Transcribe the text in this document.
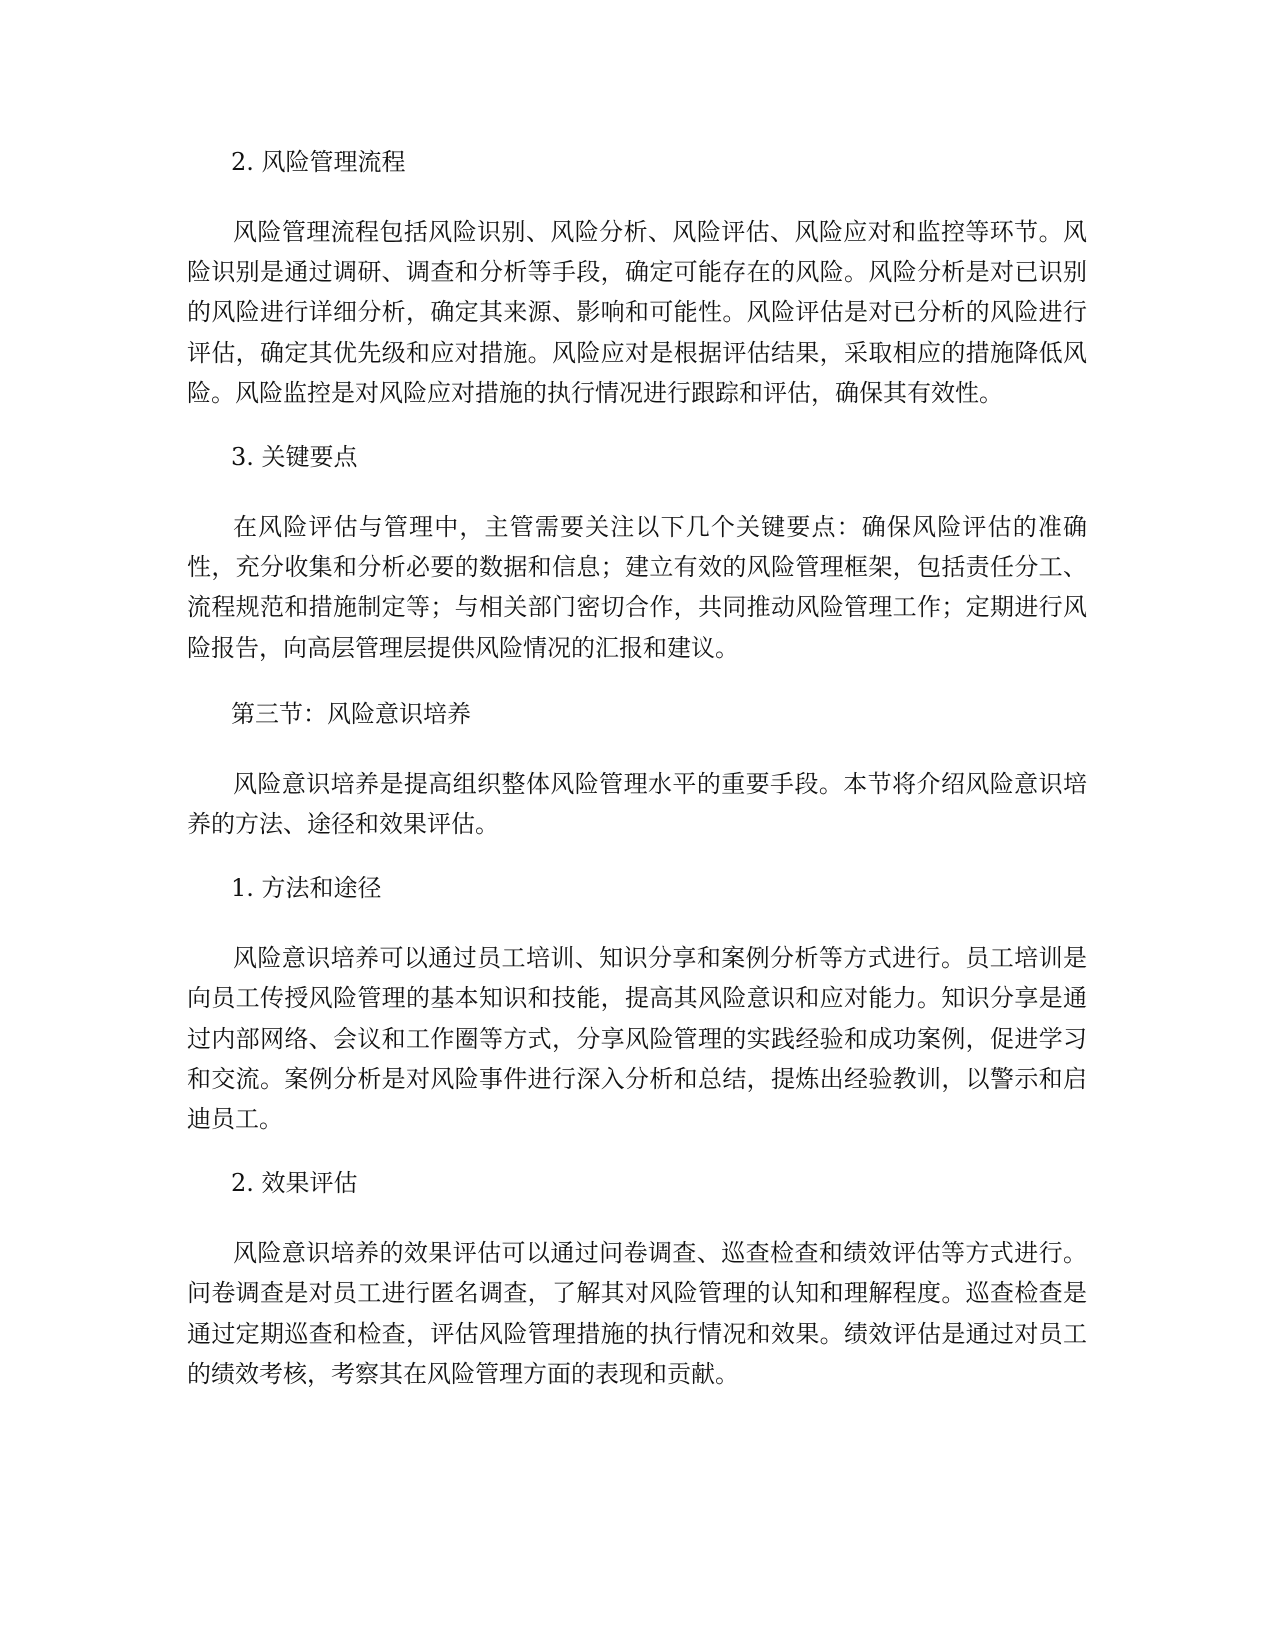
2. 风险管理流程

风险管理流程包括风险识别、风险分析、风险评估、风险应对和监控等环节。风险识别是通过调研、调查和分析等手段，确定可能存在的风险。风险分析是对已识别的风险进行详细分析，确定其来源、影响和可能性。风险评估是对已分析的风险进行评估，确定其优先级和应对措施。风险应对是根据评估结果，采取相应的措施降低风险。风险监控是对风险应对措施的执行情况进行跟踪和评估，确保其有效性。

3. 关键要点

在风险评估与管理中，主管需要关注以下几个关键要点：确保风险评估的准确性，充分收集和分析必要的数据和信息；建立有效的风险管理框架，包括责任分工、流程规范和措施制定等；与相关部门密切合作，共同推动风险管理工作；定期进行风险报告，向高层管理层提供风险情况的汇报和建议。

第三节：风险意识培养

风险意识培养是提高组织整体风险管理水平的重要手段。本节将介绍风险意识培养的方法、途径和效果评估。

1. 方法和途径

风险意识培养可以通过员工培训、知识分享和案例分析等方式进行。员工培训是向员工传授风险管理的基本知识和技能，提高其风险意识和应对能力。知识分享是通过内部网络、会议和工作圈等方式，分享风险管理的实践经验和成功案例，促进学习和交流。案例分析是对风险事件进行深入分析和总结，提炼出经验教训，以警示和启迪员工。

2. 效果评估

风险意识培养的效果评估可以通过问卷调查、巡查检查和绩效评估等方式进行。问卷调查是对员工进行匿名调查，了解其对风险管理的认知和理解程度。巡查检查是通过定期巡查和检查，评估风险管理措施的执行情况和效果。绩效评估是通过对员工的绩效考核，考察其在风险管理方面的表现和贡献。
